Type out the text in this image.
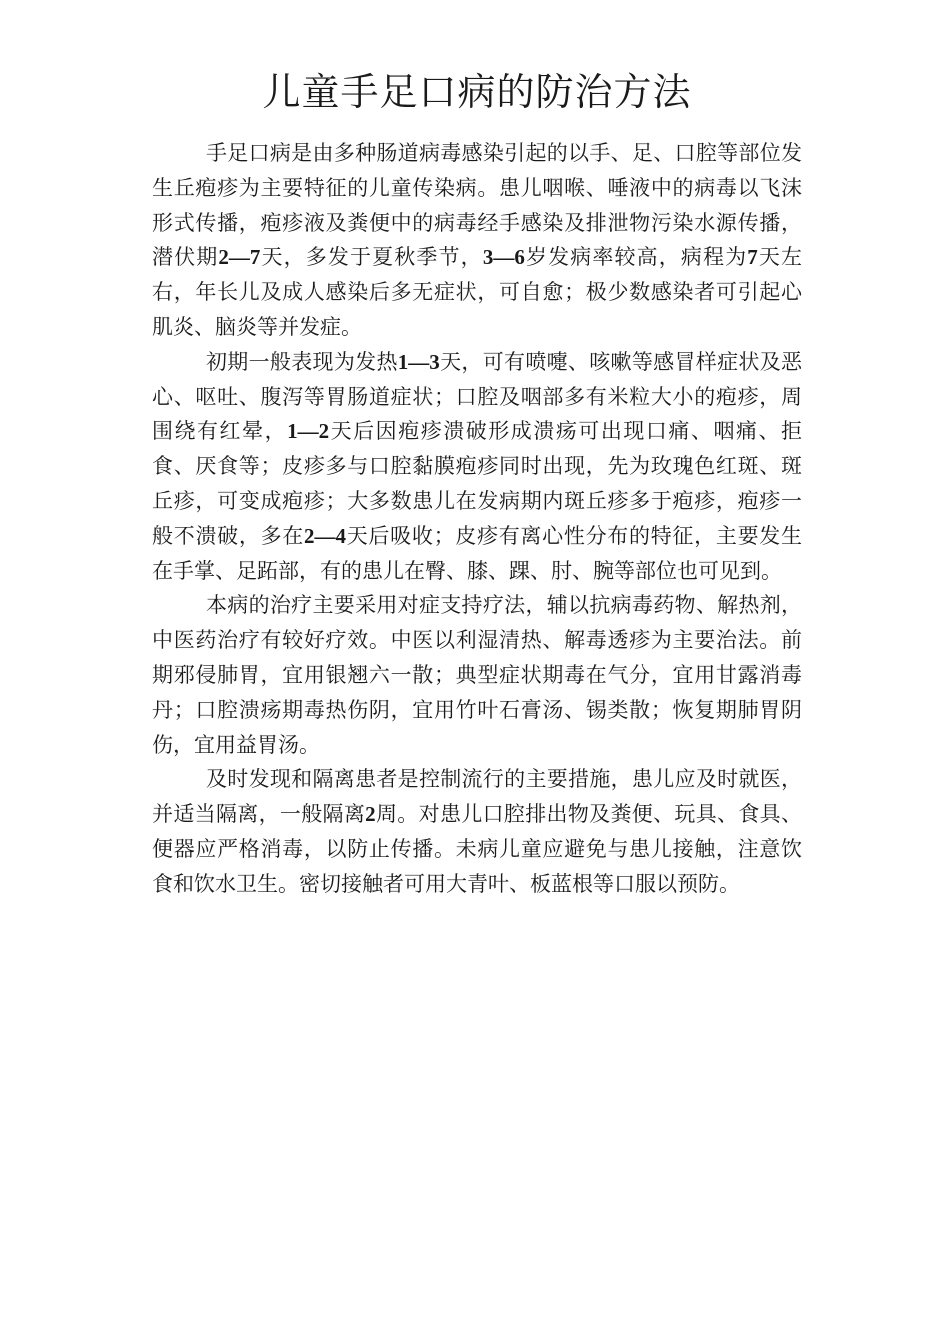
儿童手足口病的防治方法

手足口病是由多种肠道病毒感染引起的以手、足、口腔等部位发生丘疱疹为主要特征的儿童传染病。患儿咽喉、唾液中的病毒以飞沫形式传播，疱疹液及粪便中的病毒经手感染及排泄物污染水源传播，潜伏期2—7天，多发于夏秋季节，3—6岁发病率较高，病程为7天左右，年长儿及成人感染后多无症状，可自愈；极少数感染者可引起心肌炎、脑炎等并发症。

初期一般表现为发热1—3天，可有喷嚏、咳嗽等感冒样症状及恶心、呕吐、腹泻等胃肠道症状；口腔及咽部多有米粒大小的疱疹，周围绕有红晕，1—2天后因疱疹溃破形成溃疡可出现口痛、咽痛、拒食、厌食等；皮疹多与口腔黏膜疱疹同时出现，先为玫瑰色红斑、斑丘疹，可变成疱疹；大多数患儿在发病期内斑丘疹多于疱疹，疱疹一般不溃破，多在2—4天后吸收；皮疹有离心性分布的特征，主要发生在手掌、足跖部，有的患儿在臀、膝、踝、肘、腕等部位也可见到。

本病的治疗主要采用对症支持疗法，辅以抗病毒药物、解热剂，中医药治疗有较好疗效。中医以利湿清热、解毒透疹为主要治法。前期邪侵肺胃，宜用银翘六一散；典型症状期毒在气分，宜用甘露消毒丹；口腔溃疡期毒热伤阴，宜用竹叶石膏汤、锡类散；恢复期肺胃阴伤，宜用益胃汤。

及时发现和隔离患者是控制流行的主要措施，患儿应及时就医，并适当隔离，一般隔离2周。对患儿口腔排出物及粪便、玩具、食具、便器应严格消毒，以防止传播。未病儿童应避免与患儿接触，注意饮食和饮水卫生。密切接触者可用大青叶、板蓝根等口服以预防。
